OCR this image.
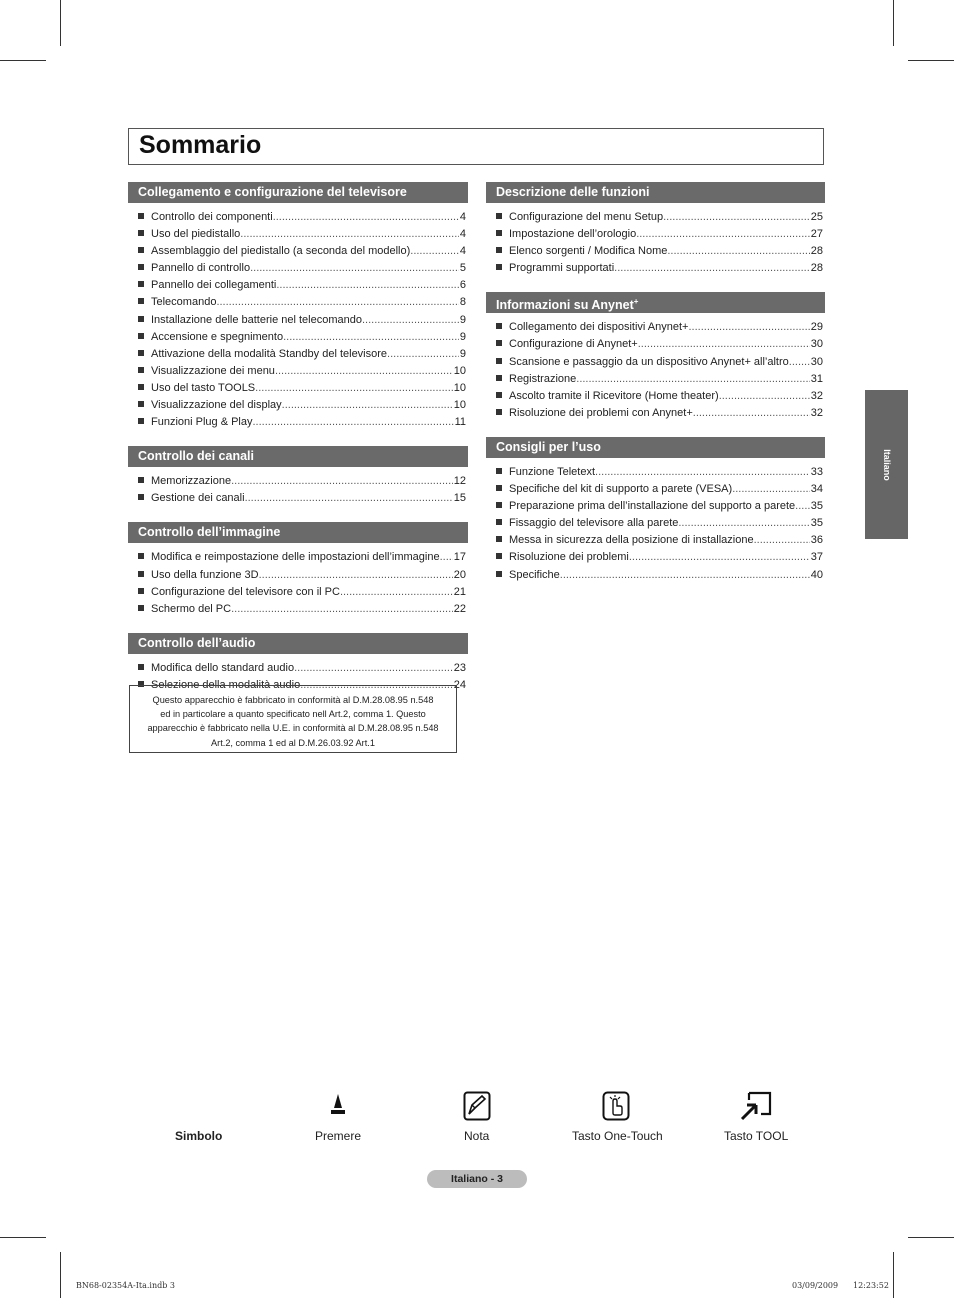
Sommario
Collegamento e configurazione del televisore
Controllo dei componenti .....	4
Uso del piedistallo .....	4
Assemblaggio del piedistallo (a seconda del modello) .....	4
Pannello di controllo .....	5
Pannello dei collegamenti .....	6
Telecomando .....	8
Installazione delle batterie nel telecomando .....	9
Accensione e spegnimento .....	9
Attivazione della modalità Standby del televisore .....	9
Visualizzazione dei menu .....	10
Uso del tasto TOOLS .....	10
Visualizzazione del display .....	10
Funzioni Plug & Play .....	11
Controllo dei canali
Memorizzazione .....	12
Gestione dei canali .....	15
Controllo dell’immagine
Modifica e reimpostazione delle impostazioni dell’immagine ..... 17
Uso della funzione 3D .....	20
Configurazione del televisore con il PC .....	21
Schermo del PC .....	22
Controllo dell’audio
Modifica dello standard audio .....	23
Selezione della modalità audio .....	24
Descrizione delle funzioni
Configurazione del menu Setup .....	25
Impostazione dell’orologio .....	27
Elenco sorgenti / Modifica Nome .....	28
Programmi supportati .....	28
Informazioni su Anynet+
Collegamento dei dispositivi Anynet+ .....	29
Configurazione di Anynet+ .....	30
Scansione e passaggio da un dispositivo Anynet+ all’altro ..... 30
Registrazione .....	31
Ascolto tramite il Ricevitore (Home theater) .....	32
Risoluzione dei problemi con Anynet+ .....	32
Consigli per l’uso
Funzione Teletext .....	33
Specifiche del kit di supporto a parete (VESA) .....	34
Preparazione prima dell’installazione del supporto a parete ..... 35
Fissaggio del televisore alla parete .....	35
Messa in sicurezza della posizione di installazione .....	36
Risoluzione dei problemi .....	37
Specifiche .....	40
Questo apparecchio è fabbricato in conformità al D.M.28.08.95 n.548
ed in particolare a quanto specificato nell Art.2, comma 1. Questo
apparecchio è fabbricato nella U.E. in conformità al D.M.28.08.95 n.548
Art.2, comma 1 ed al D.M.26.03.92 Art.1
Italiano
Simbolo	Premere	Nota	Tasto One-Touch	Tasto TOOL
Italiano - 3
BN68-02354A-Ita.indb 3	03/09/2009 12:23:52
